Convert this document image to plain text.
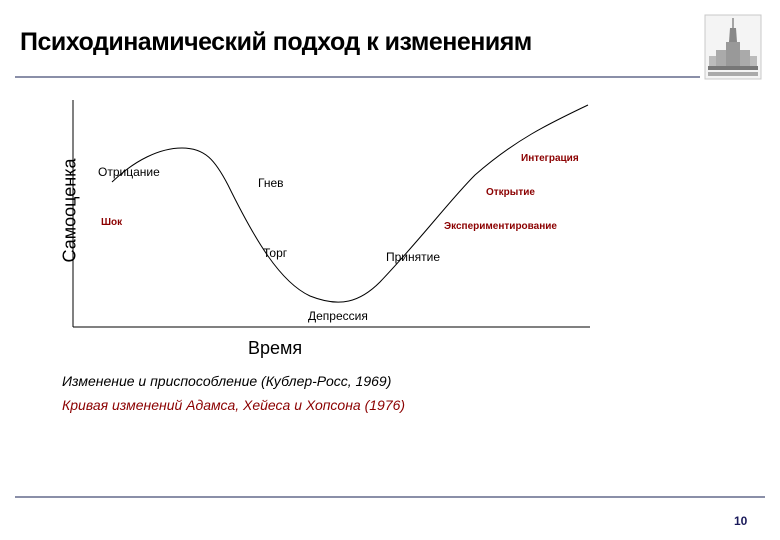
Психодинамический подход к изменениям
Самооценка
Время
Отрицание
Гнев
Торг
Депрессия
Принятие
Шок
Интеграция
Открытие
Экспериментирование
Изменение и приспособление (Кублер-Росс, 1969)
Кривая изменений Адамса, Хейеса и Хопсона (1976)
10
